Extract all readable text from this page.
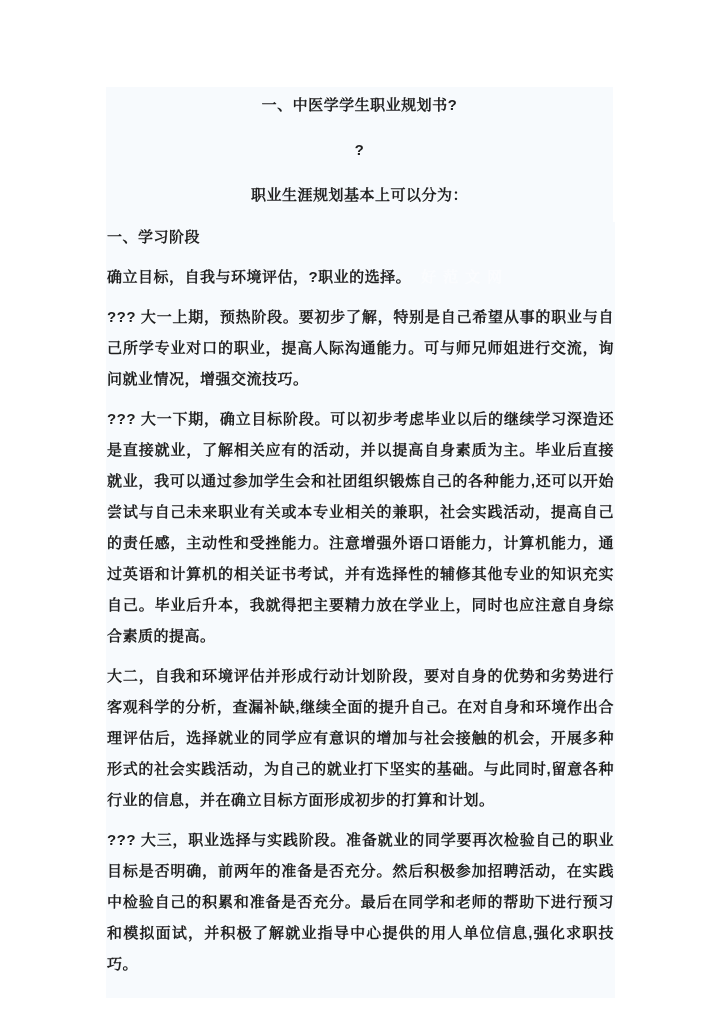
一、中医学学生职业规划书?

?

职业生涯规划基本上可以分为：

一、学习阶段

确立目标，自我与环境评估，?职业的选择。 好范文网

??? 大一上期，预热阶段。要初步了解，特别是自己希望从事的职业与自己所学专业对口的职业，提高人际沟通能力。可与师兄师姐进行交流，询问就业情况，增强交流技巧。

??? 大一下期，确立目标阶段。可以初步考虑毕业以后的继续学习深造还是直接就业，了解相关应有的活动，并以提高自身素质为主。毕业后直接就业，我可以通过参加学生会和社团组织锻炼自己的各种能力,还可以开始尝试与自己未来职业有关或本专业相关的兼职，社会实践活动，提高自己的责任感，主动性和受挫能力。注意增强外语口语能力，计算机能力，通过英语和计算机的相关证书考试，并有选择性的辅修其他专业的知识充实自己。毕业后升本，我就得把主要精力放在学业上，同时也应注意自身综合素质的提高。

大二，自我和环境评估并形成行动计划阶段，要对自身的优势和劣势进行客观科学的分析，查漏补缺,继续全面的提升自己。在对自身和环境作出合理评估后，选择就业的同学应有意识的增加与社会接触的机会，开展多种形式的社会实践活动，为自己的就业打下坚实的基础。与此同时,留意各种行业的信息，并在确立目标方面形成初步的打算和计划。

??? 大三，职业选择与实践阶段。准备就业的同学要再次检验自己的职业目标是否明确，前两年的准备是否充分。然后积极参加招聘活动，在实践中检验自己的积累和准备是否充分。最后在同学和老师的帮助下进行预习和模拟面试，并积极了解就业指导中心提供的用人单位信息,强化求职技巧。
